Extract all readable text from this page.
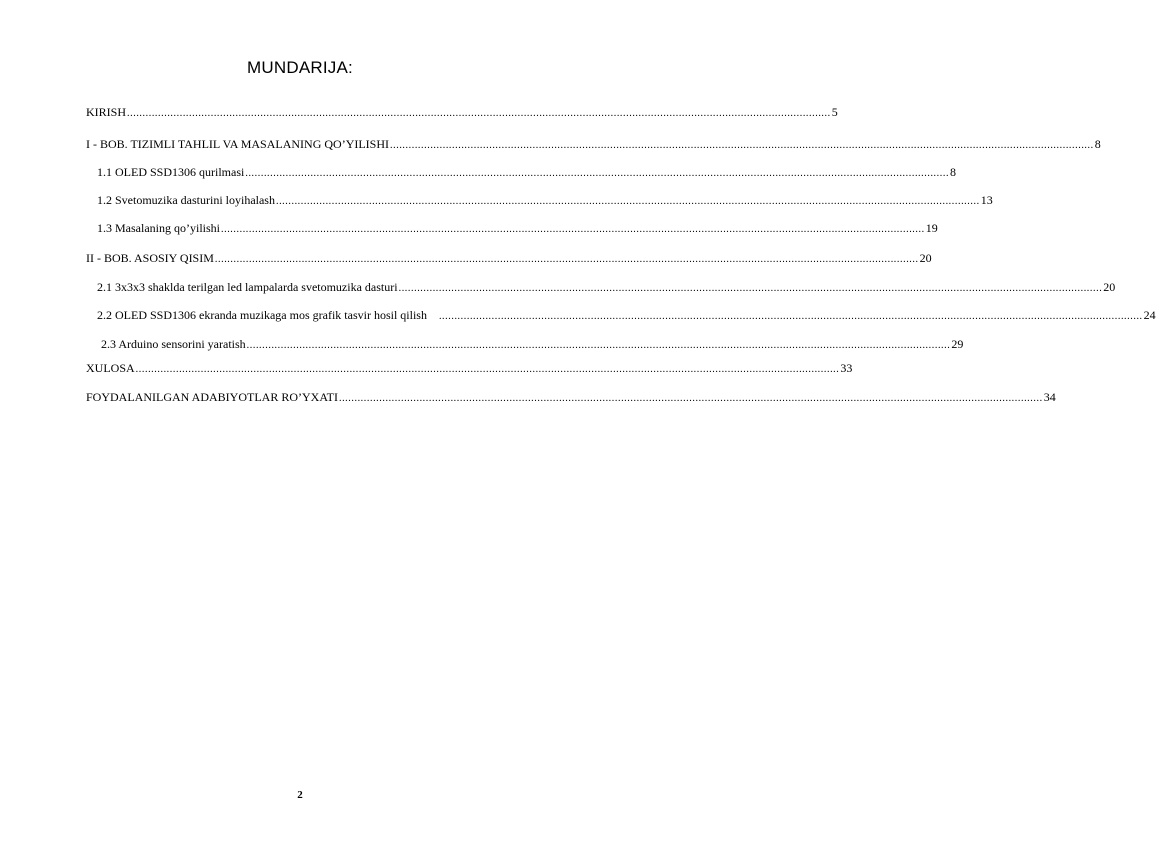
MUNDARIJA:
KIRISH ................................................................................................................................................................................................................................... 5
I - BOB. TIZIMLI TAHLIL VA MASALANING QO’YILISHI ................................................................................................................................................................................................................................... 8
1.1 OLED SSD1306 qurilmasi ................................................................................................................................................................................................................................... 8
1.2 Svetomuzika dasturini loyihalash ................................................................................................................................................................................................................................... 13
1.3 Masalaning qo’yilishi ................................................................................................................................................................................................................................... 19
II - BOB. ASOSIY QISIM ................................................................................................................................................................................................................................... 20
2.1 3x3x3 shaklda terilgan led lampalarda svetomuzika dasturi ................................................................................................................................................................................................................................... 20
2.2 OLED SSD1306 ekranda muzikaga mos grafik tasvir hosil qilish ................................................................................................................................................................................................................................... 24
2.3 Arduino sensorini yaratish ................................................................................................................................................................................................................................... 29
XULOSA ................................................................................................................................................................................................................................... 33
FOYDALANILGAN ADABIYOTLAR RO’YXATI ................................................................................................................................................................................................................................... 34
2
